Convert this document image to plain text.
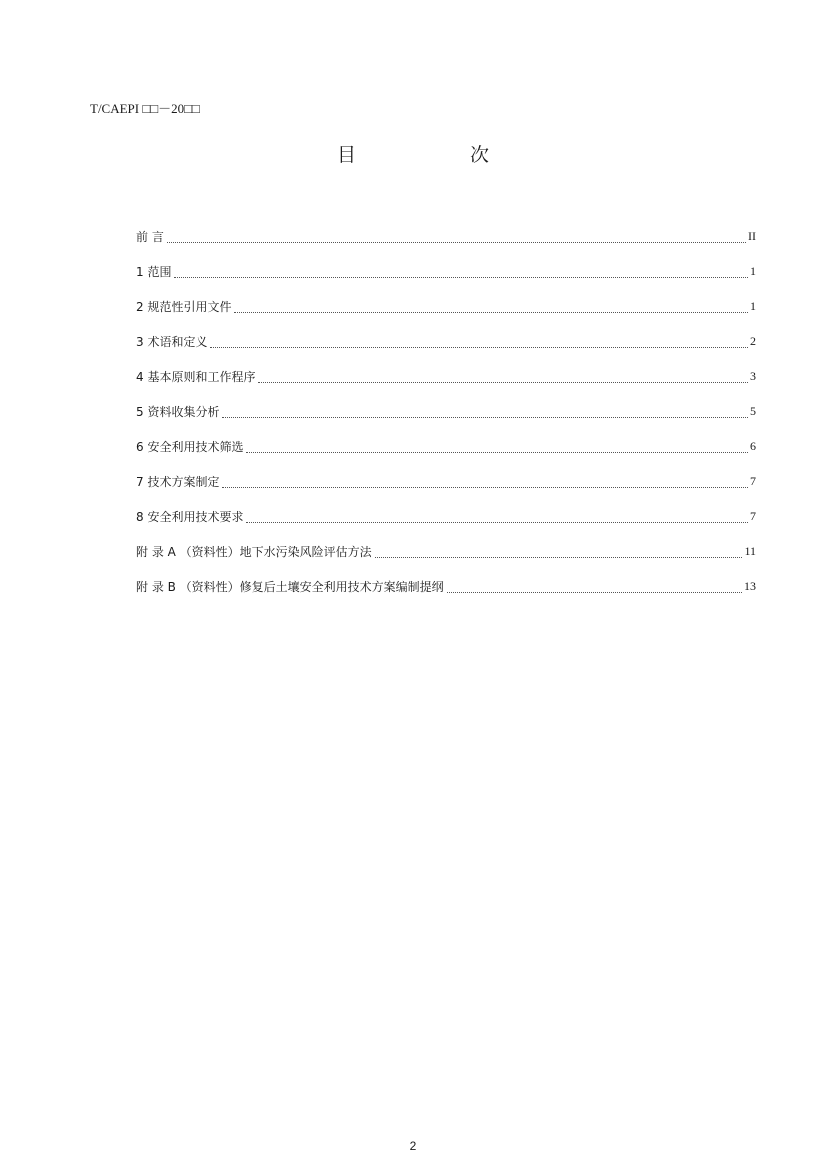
T/CAEPI □□－20□□
目 次
前 言	II
1 范围	1
2 规范性引用文件	1
3 术语和定义	2
4 基本原则和工作程序	3
5 资料收集分析	5
6 安全利用技术筛选	6
7 技术方案制定	7
8 安全利用技术要求	7
附 录 A （资料性）地下水污染风险评估方法	11
附 录 B （资料性）修复后土壤安全利用技术方案编制提纲	13
2
